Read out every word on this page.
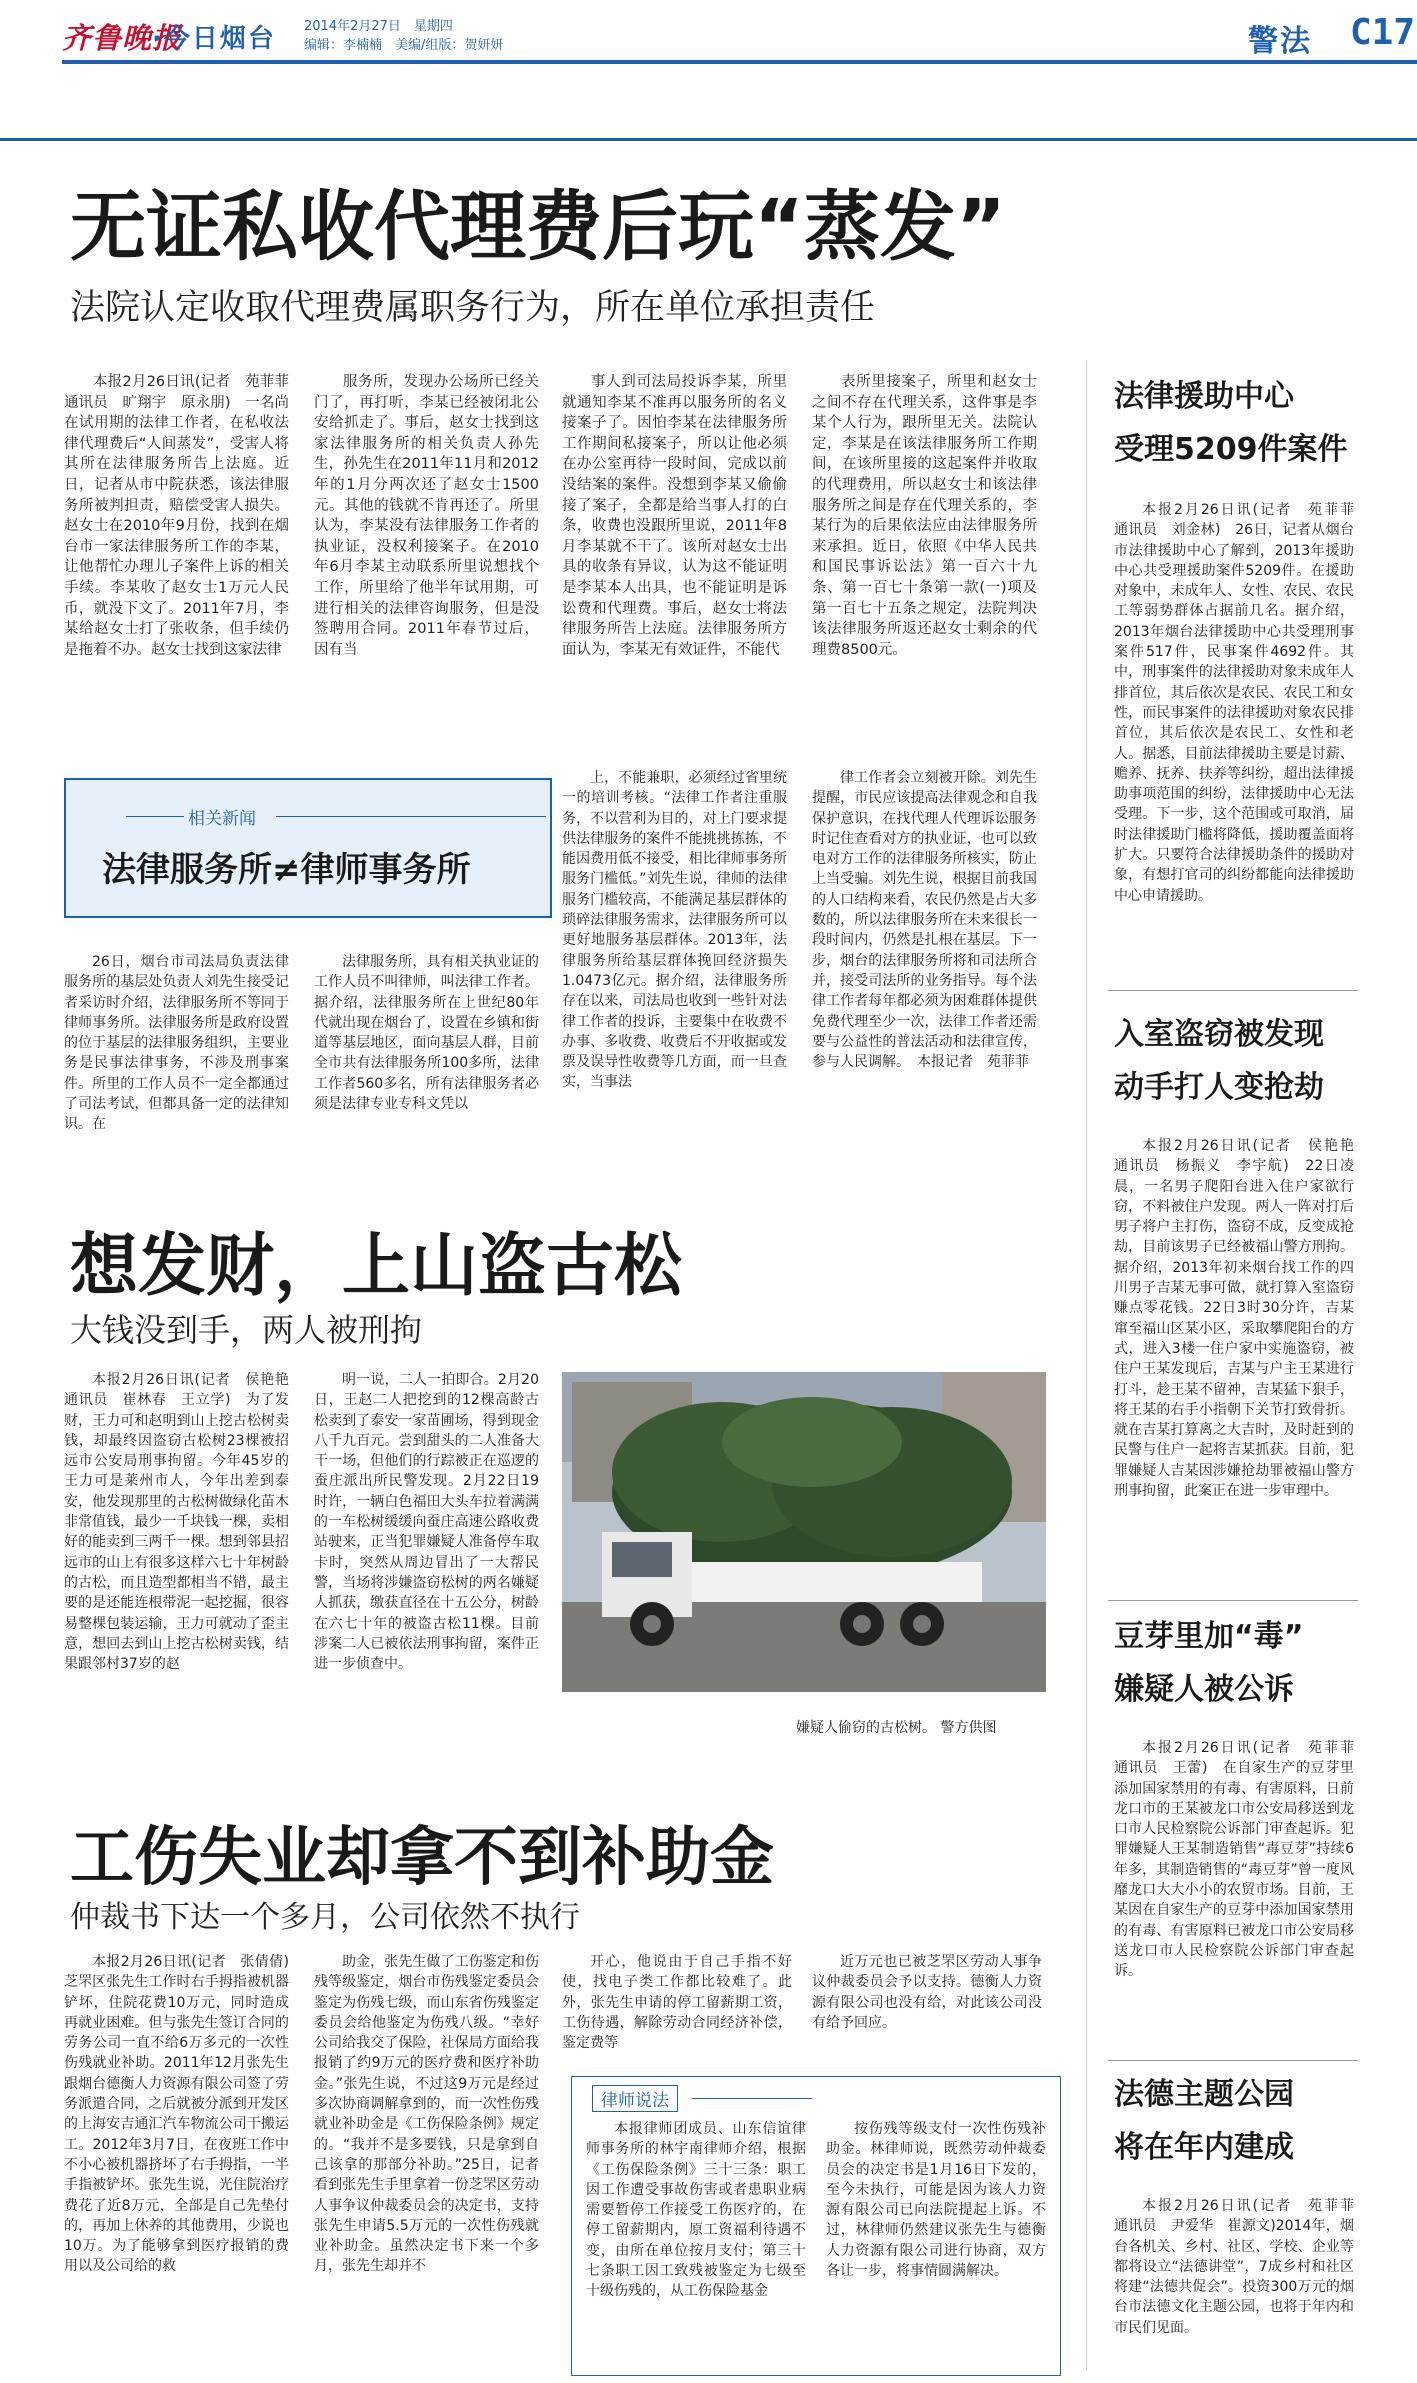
齐鲁晚报
·今日烟台 2014年2月27日　星期四
编辑：李楠楠　美编/组版：贺妍妍	警法 C17
无证私收代理费后玩“蒸发”
法院认定收取代理费属职务行为，所在单位承担责任

本报2月26日讯(记者　苑菲菲　通讯员　旷翔宇　原永朋)　一名尚在试用期的法律工作者，在私收法律代理费后“人间蒸发”，受害人将其所在法律服务所告上法庭。近日，记者从市中院获悉，该法律服务所被判担责，赔偿受害人损失。赵女士在2010年9月份，找到在烟台市一家法律服务所工作的李某，让他帮忙办理儿子案件上诉的相关手续。李某收了赵女士1万元人民币，就没下文了。2011年7月，李某给赵女士打了张收条，但手续仍是拖着不办。赵女士找到这家法律

服务所，发现办公场所已经关门了，再打听，李某已经被闭北公安给抓走了。事后，赵女士找到这家法律服务所的相关负责人孙先生，孙先生在2011年11月和2012年的1月分两次还了赵女士1500元。其他的钱就不肯再还了。所里认为，李某没有法律服务工作者的执业证，没权利接案子。在2010年6月李某主动联系所里说想找个工作，所里给了他半年试用期，可进行相关的法律咨询服务，但是没签聘用合同。2011年春节过后，因有当

事人到司法局投诉李某，所里就通知李某不准再以服务所的名义接案子了。因怕李某在法律服务所工作期间私接案子，所以让他必须在办公室再待一段时间，完成以前没结案的案件。没想到李某又偷偷接了案子，全都是给当事人打的白条，收费也没跟所里说，2011年8月李某就不干了。该所对赵女士出具的收条有异议，认为这不能证明是李某本人出具，也不能证明是诉讼费和代理费。事后，赵女士将法律服务所告上法庭。法律服务所方面认为，李某无有效证件，不能代

表所里接案子，所里和赵女士之间不存在代理关系，这件事是李某个人行为，跟所里无关。法院认定，李某是在该法律服务所工作期间，在该所里接的这起案件并收取的代理费用，所以赵女士和该法律服务所之间是存在代理关系的，李某行为的后果依法应由法律服务所来承担。近日，依照《中华人民共和国民事诉讼法》第一百六十九条、第一百七十条第一款(一)项及第一百七十五条之规定，法院判决该法律服务所返还赵女士剩余的代理费8500元。

相关新闻
法律服务所≠律师事务所

26日，烟台市司法局负责法律服务所的基层处负责人刘先生接受记者采访时介绍，法律服务所不等同于律师事务所。法律服务所是政府设置的位于基层的法律服务组织，主要业务是民事法律事务，不涉及刑事案件。所里的工作人员不一定全都通过了司法考试，但都具备一定的法律知识。在

法律服务所，具有相关执业证的工作人员不叫律师，叫法律工作者。据介绍，法律服务所在上世纪80年代就出现在烟台了，设置在乡镇和街道等基层地区，面向基层人群，目前全市共有法律服务所100多所，法律工作者560多名，所有法律服务者必须是法律专业专科文凭以

上，不能兼职，必须经过省里统一的培训考核。“法律工作者注重服务，不以营利为目的，对上门要求提供法律服务的案件不能挑挑拣拣，不能因费用低不接受，相比律师事务所服务门槛低。”刘先生说，律师的法律服务门槛较高，不能满足基层群体的琐碎法律服务需求，法律服务所可以更好地服务基层群体。2013年，法律服务所给基层群体挽回经济损失1.0473亿元。据介绍，法律服务所存在以来，司法局也收到一些针对法律工作者的投诉，主要集中在收费不办事、多收费、收费后不开收据或发票及误导性收费等几方面，而一旦查实，当事法

律工作者会立刻被开除。刘先生提醒，市民应该提高法律观念和自我保护意识，在找代理人代理诉讼服务时记住查看对方的执业证，也可以致电对方工作的法律服务所核实，防止上当受骗。刘先生说，根据目前我国的人口结构来看，农民仍然是占大多数的，所以法律服务所在未来很长一段时间内，仍然是扎根在基层。下一步，烟台的法律服务所将和司法所合并，接受司法所的业务指导。每个法律工作者每年都必须为困难群体提供免费代理至少一次，法律工作者还需要与公益性的普法活动和法律宣传，参与人民调解。　本报记者　苑菲菲

法律援助中心
受理5209件案件

本报2月26日讯(记者　苑菲菲　通讯员　刘金林)　26日，记者从烟台市法律援助中心了解到，2013年援助中心共受理援助案件5209件。在援助对象中，未成年人、女性、农民、农民工等弱势群体占据前几名。据介绍，2013年烟台法律援助中心共受理刑事案件517件，民事案件4692件。其中，刑事案件的法律援助对象未成年人排首位，其后依次是农民、农民工和女性，而民事案件的法律援助对象农民排首位，其后依次是农民工、女性和老人。据悉，目前法律援助主要是讨薪、赡养、抚养、扶养等纠纷，超出法律援助事项范围的纠纷，法律援助中心无法受理。下一步，这个范围或可取消，届时法律援助门槛将降低，援助覆盖面将扩大。只要符合法律援助条件的援助对象，有想打官司的纠纷都能向法律援助中心申请援助。

入室盗窃被发现
动手打人变抢劫

本报2月26日讯(记者　侯艳艳　通讯员　杨振义　李宇航)　22日凌晨，一名男子爬阳台进入住户家欲行窃，不料被住户发现。两人一阵对打后男子将户主打伤，盗窃不成，反变成抢劫，目前该男子已经被福山警方刑拘。据介绍，2013年初来烟台找工作的四川男子吉某无事可做，就打算入室盗窃赚点零花钱。22日3时30分许，吉某窜至福山区某小区，采取攀爬阳台的方式，进入3楼一住户家中实施盗窃，被住户王某发现后，吉某与户主王某进行打斗，趁王某不留神，吉某猛下狠手，将王某的右手小指朝下关节打致骨折。就在吉某打算离之大吉时，及时赶到的民警与住户一起将吉某抓获。目前，犯罪嫌疑人吉某因涉嫌抢劫罪被福山警方刑事拘留，此案正在进一步审理中。

豆芽里加“毒”
嫌疑人被公诉

本报2月26日讯(记者　苑菲菲　通讯员　王蕾)　在自家生产的豆芽里添加国家禁用的有毒、有害原料，日前龙口市的王某被龙口市公安局移送到龙口市人民检察院公诉部门审查起诉。犯罪嫌疑人王某制造销售“毒豆芽”持续6年多，其制造销售的“毒豆芽”曾一度风靡龙口大大小小的农贸市场。目前，王某因在自家生产的豆芽中添加国家禁用的有毒、有害原料已被龙口市公安局移送龙口市人民检察院公诉部门审查起诉。

法德主题公园
将在年内建成

本报2月26日讯(记者　苑菲菲　通讯员　尹爱华　崔源文)2014年，烟台各机关、乡村、社区、学校、企业等都将设立“法德讲堂”，7成乡村和社区将建“法德共促会”。投资300万元的烟台市法德文化主题公园，也将于年内和市民们见面。

想发财，上山盗古松
大钱没到手，两人被刑拘

本报2月26日讯(记者　侯艳艳　通讯员　崔林春　王立学)　为了发财，王力可和赵明到山上挖古松树卖钱，却最终因盗窃古松树23棵被招远市公安局刑事拘留。今年45岁的王力可是莱州市人，今年出差到泰安，他发现那里的古松树做绿化苗木非常值钱，最少一千块钱一棵，卖相好的能卖到三两千一棵。想到邻县招远市的山上有很多这样六七十年树龄的古松，而且造型都相当不错，最主要的是还能连根带泥一起挖掘，很容易整棵包装运输，王力可就动了歪主意，想回去到山上挖古松树卖钱，结果跟邻村37岁的赵

明一说，二人一拍即合。2月20日，王赵二人把挖到的12棵高龄古松卖到了泰安一家苗圃场，得到现金八千九百元。尝到甜头的二人准备大干一场，但他们的行踪被正在巡逻的蚕庄派出所民警发现。2月22日19时许，一辆白色福田大头车拉着满满的一车松树缓缓向蚕庄高速公路收费站驶来，正当犯罪嫌疑人准备停车取卡时，突然从周边冒出了一大帮民警，当场将涉嫌盗窃松树的两名嫌疑人抓获，缴获直径在十五公分，树龄在六七十年的被盗古松11棵。目前涉案二人已被依法刑事拘留，案件正进一步侦查中。

嫌疑人偷窃的古松树。 警方供图
工伤失业却拿不到补助金
仲裁书下达一个多月，公司依然不执行

本报2月26日讯(记者　张倩倩)　芝罘区张先生工作时右手拇指被机器铲坏，住院花费10万元，同时造成再就业困难。但与张先生签订合同的劳务公司一直不给6万多元的一次性伤残就业补助。2011年12月张先生跟烟台德衡人力资源有限公司签了劳务派遣合同，之后就被分派到开发区的上海安吉通汇汽车物流公司干搬运工。2012年3月7日，在夜班工作中不小心被机器挤坏了右手拇指，一半手指被铲坏。张先生说，光住院治疗费花了近8万元，全部是自己先垫付的，再加上休养的其他费用，少说也10万。为了能够拿到医疗报销的费用以及公司给的救

助金，张先生做了工伤鉴定和伤残等级鉴定，烟台市伤残鉴定委员会鉴定为伤残七级，而山东省伤残鉴定委员会给他鉴定为伤残八级。“幸好公司给我交了保险，社保局方面给我报销了约9万元的医疗费和医疗补助金。”张先生说，不过这9万元是经过多次协商调解拿到的，而一次性伤残就业补助金是《工伤保险条例》规定的。“我并不是多要钱，只是拿到自己该拿的那部分补助。”25日，记者看到张先生手里拿着一份芝罘区劳动人事争议仲裁委员会的决定书，支持张先生申请5.5万元的一次性伤残就业补助金。虽然决定书下来一个多月，张先生却并不

开心，他说由于自己手指不好使，找电子类工作都比较难了。此外，张先生申请的停工留薪期工资，工伤待遇，解除劳动合同经济补偿，鉴定费等

近万元也已被芝罘区劳动人事争议仲裁委员会予以支持。德衡人力资源有限公司也没有给，对此该公司没有给予回应。

律师说法

本报律师团成员、山东信谊律师事务所的林宇南律师介绍，根据《工伤保险条例》三十三条：职工因工作遭受事故伤害或者患职业病需要暂停工作接受工伤医疗的，在停工留薪期内，原工资福利待遇不变，由所在单位按月支付；第三十七条职工因工致残被鉴定为七级至十级伤残的，从工伤保险基金

按伤残等级支付一次性伤残补助金。林律师说，既然劳动仲裁委员会的决定书是1月16日下发的，至今未执行，可能是因为该人力资源有限公司已向法院提起上诉。不过，林律师仍然建议张先生与德衡人力资源有限公司进行协商，双方各让一步，将事情圆满解决。
